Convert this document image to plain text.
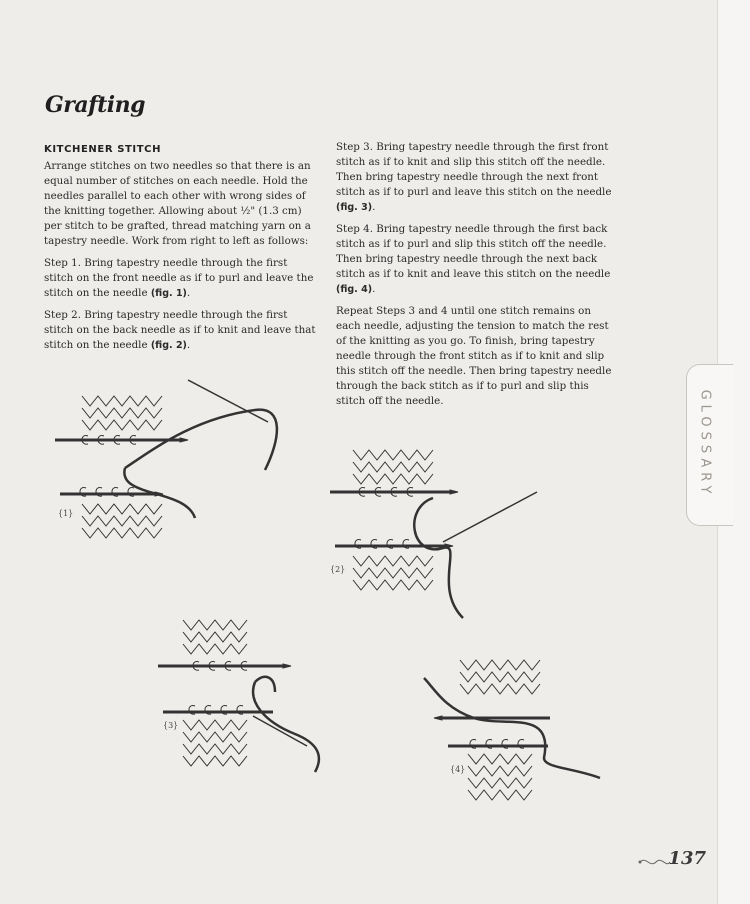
Grafting
KITCHENER STITCH

Arrange stitches on two needles so that there is an equal number of stitches on each needle. Hold the needles parallel to each other with wrong sides of the knitting together. Allowing about ½" (1.3 cm) per stitch to be grafted, thread matching yarn on a tapestry needle. Work from right to left as follows:

Step 1. Bring tapestry needle through the first stitch on the front needle as if to purl and leave the stitch on the needle (fig. 1).

Step 2. Bring tapestry needle through the first stitch on the back needle as if to knit and leave that stitch on the needle (fig. 2).

Step 3. Bring tapestry needle through the first front stitch as if to knit and slip this stitch off the needle. Then bring tapestry needle through the next front stitch as if to purl and leave this stitch on the needle (fig. 3).

Step 4. Bring tapestry needle through the first back stitch as if to purl and slip this stitch off the needle. Then bring tapestry needle through the next back stitch as if to knit and leave this stitch on the needle (fig. 4).

Repeat Steps 3 and 4 until one stitch remains on each needle, adjusting the tension to match the rest of the knitting as you go. To finish, bring tapestry needle through the front stitch as if to knit and slip this stitch off the needle. Then bring tapestry needle through the back stitch as if to purl and slip this stitch off the needle.	GLOSSARY
{1}
{2}
{3}
{4}
137
